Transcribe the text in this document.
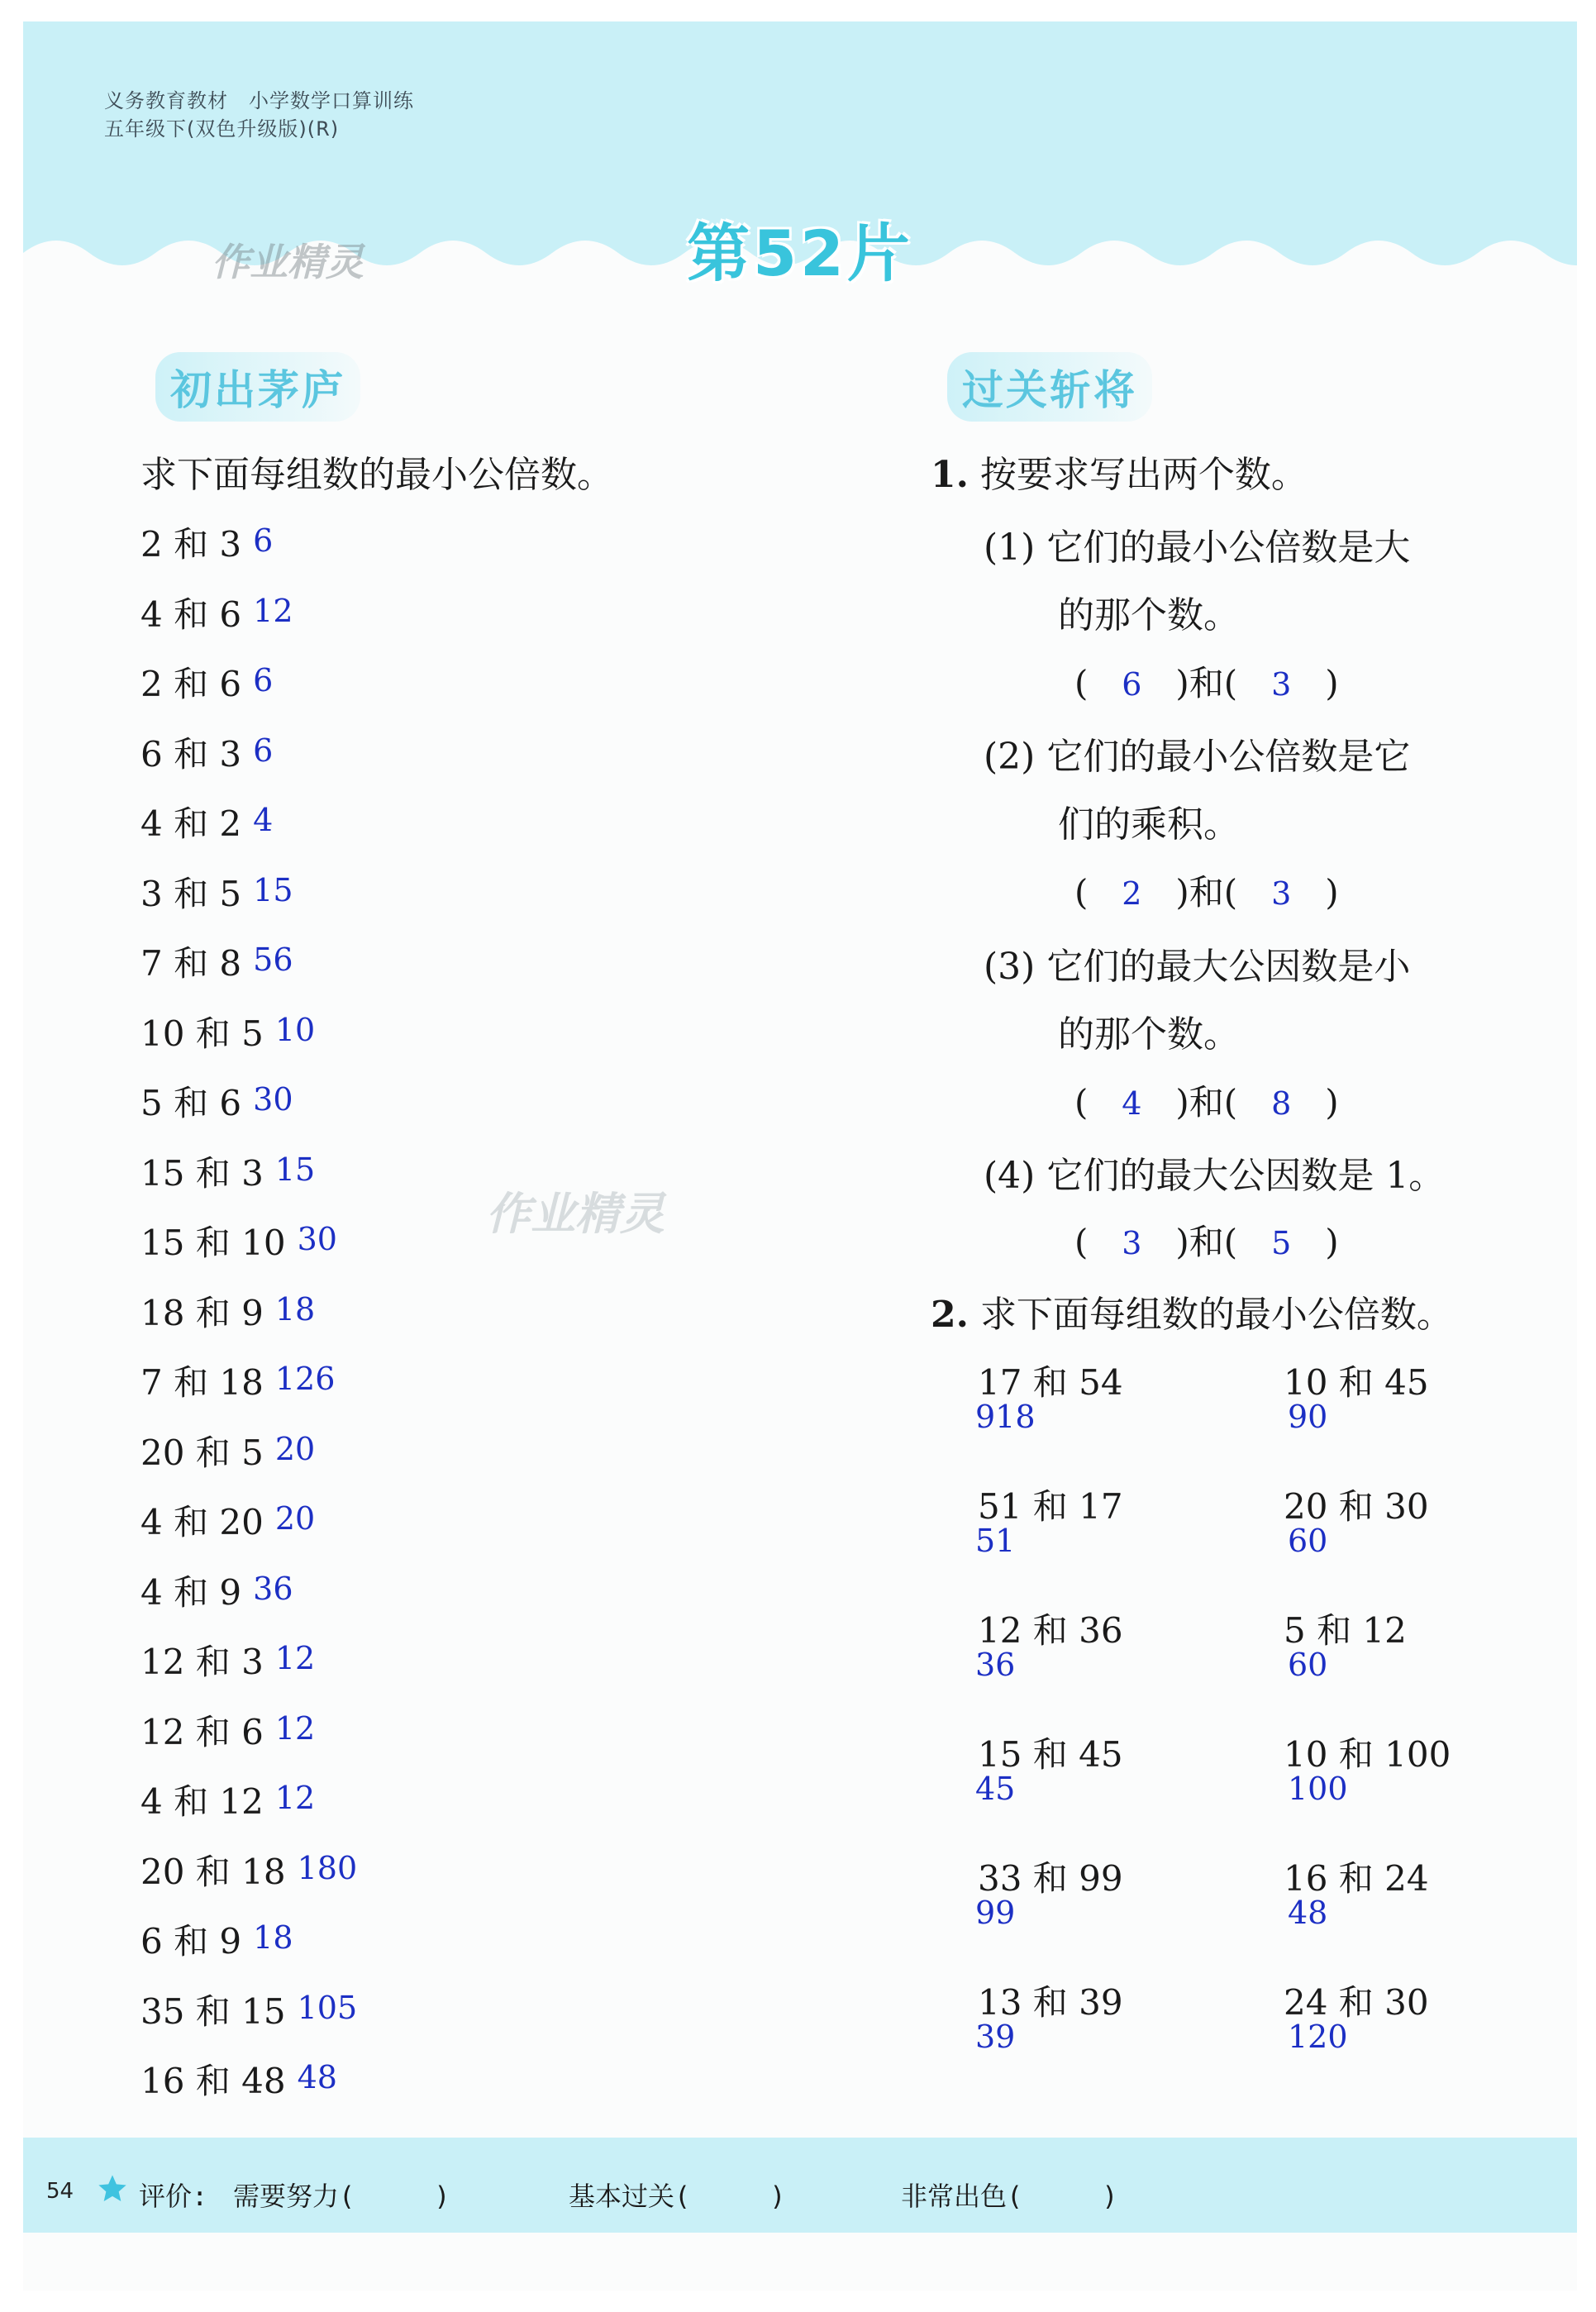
义务教育教材　小学数学口算训练
五年级下(双色升级版)(R)
第52片
作业精灵
作业精灵
初出茅庐	过关斩将
求下面每组数的最小公倍数。
2 和 3 6
4 和 6 12
2 和 6 6
6 和 3 6
4 和 2 4
3 和 5 15
7 和 8 56
10 和 5 10
5 和 6 30
15 和 3 15
15 和 10 30
18 和 9 18
7 和 18 126
20 和 5 20
4 和 20 20
4 和 9 36
12 和 3 12
12 和 6 12
4 和 12 12
20 和 18 180
6 和 9 18
35 和 15 105
16 和 48 48
1. 按要求写出两个数。
(1) 它们的最小公倍数是大
的那个数。
( 6 )和( 3 )
(2) 它们的最小公倍数是它
们的乘积。
( 2 )和( 3 )
(3) 它们的最大公因数是小
的那个数。
( 4 )和( 8 )
(4) 它们的最大公因数是 1。
( 3 )和( 5 )
2. 求下面每组数的最小公倍数。
17 和 54
918
10 和 45
90
51 和 17
51
20 和 30
60
12 和 36
36
5 和 12
60
15 和 45
45
10 和 100
100
33 和 99
99
16 和 24
48
13 和 39
39
24 和 30
120
54 评价: 需要努力(　　　)	基本过关(　　　)	非常出色(　　　)
